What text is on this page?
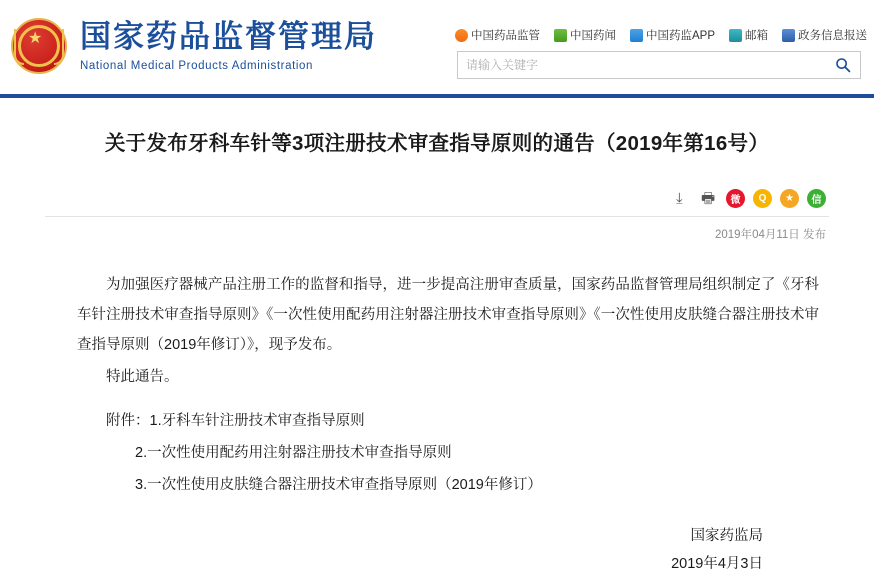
★ 国家药品监督管理局
National Medical Products Administration
中国药品监管	中国药闻	中国药监APP	邮箱	政务信息报送
请输入关键字
关于发布牙科车针等3项注册技术审查指导原则的通告（2019年第16号）
⤓	🖶	微	Q	★	信
2019年04月11日 发布

为加强医疗器械产品注册工作的监督和指导，进一步提高注册审查质量，国家药品监督管理局组织制定了《牙科车针注册技术审查指导原则》《一次性使用配药用注射器注册技术审查指导原则》《一次性使用皮肤缝合器注册技术审查指导原则（2019年修订）》，现予发布。

特此通告。

附件：1.牙科车针注册技术审查指导原则

2.一次性使用配药用注射器注册技术审查指导原则

3.一次性使用皮肤缝合器注册技术审查指导原则（2019年修订）

国家药监局
2019年4月3日
